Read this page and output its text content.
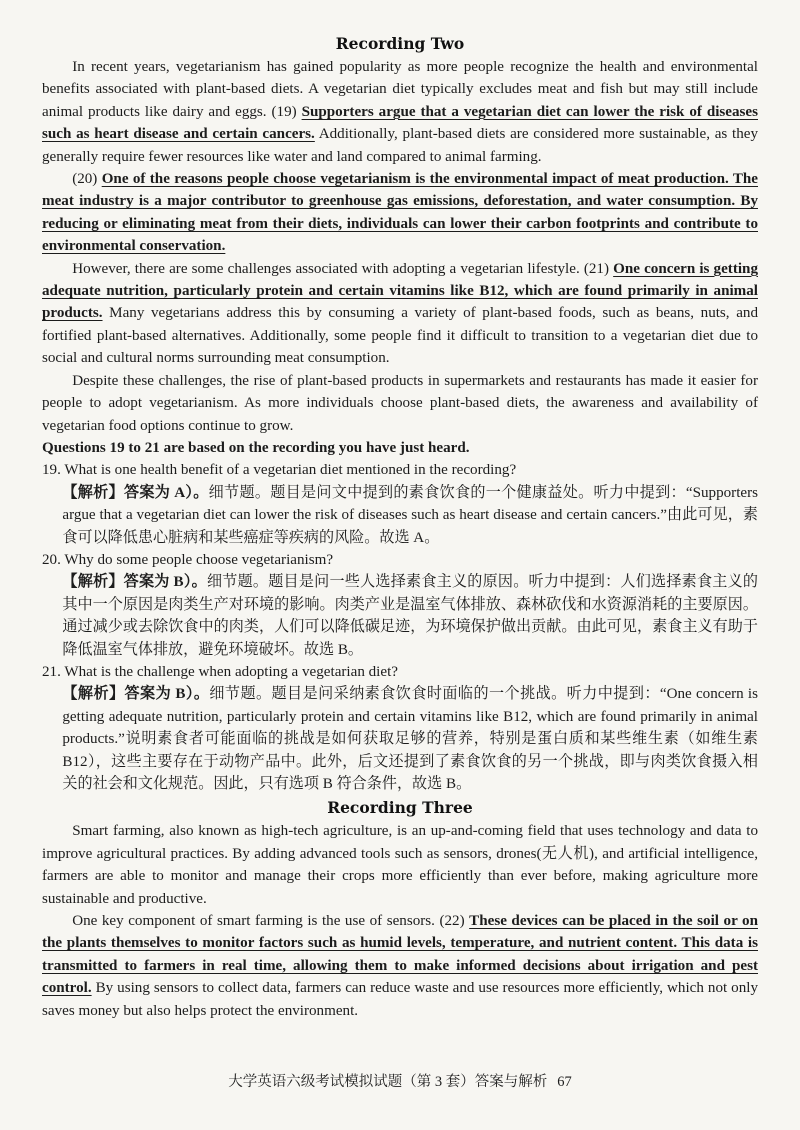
Recording Two

In recent years, vegetarianism has gained popularity as more people recognize the health and environmental benefits associated with plant-based diets. A vegetarian diet typically excludes meat and fish but may still include animal products like dairy and eggs. (19) Supporters argue that a vegetarian diet can lower the risk of diseases such as heart disease and certain cancers. Additionally, plant-based diets are considered more sustainable, as they generally require fewer resources like water and land compared to animal farming.

(20) One of the reasons people choose vegetarianism is the environmental impact of meat production. The meat industry is a major contributor to greenhouse gas emissions, deforestation, and water consumption. By reducing or eliminating meat from their diets, individuals can lower their carbon footprints and contribute to environmental conservation.

However, there are some challenges associated with adopting a vegetarian lifestyle. (21) One concern is getting adequate nutrition, particularly protein and certain vitamins like B12, which are found primarily in animal products. Many vegetarians address this by consuming a variety of plant-based foods, such as beans, nuts, and fortified plant-based alternatives. Additionally, some people find it difficult to transition to a vegetarian diet due to social and cultural norms surrounding meat consumption.

Despite these challenges, the rise of plant-based products in supermarkets and restaurants has made it easier for people to adopt vegetarianism. As more individuals choose plant-based diets, the awareness and availability of vegetarian food options continue to grow.

Questions 19 to 21 are based on the recording you have just heard.

19. What is one health benefit of a vegetarian diet mentioned in the recording?

【解析】答案为 A）。细节题。题目是问文中提到的素食饮食的一个健康益处。听力中提到：“Supporters argue that a vegetarian diet can lower the risk of diseases such as heart disease and certain cancers.”由此可见，素食可以降低患心脏病和某些癌症等疾病的风险。故选 A。

20. Why do some people choose vegetarianism?

【解析】答案为 B）。细节题。题目是问一些人选择素食主义的原因。听力中提到：人们选择素食主义的其中一个原因是肉类生产对环境的影响。肉类产业是温室气体排放、森林砍伐和水资源消耗的主要原因。通过减少或去除饮食中的肉类，人们可以降低碳足迹，为环境保护做出贡献。由此可见，素食主义有助于降低温室气体排放，避免环境破坏。故选 B。

21. What is the challenge when adopting a vegetarian diet?

【解析】答案为 B）。细节题。题目是问采纳素食饮食时面临的一个挑战。听力中提到：“One concern is getting adequate nutrition, particularly protein and certain vitamins like B12, which are found primarily in animal products.”说明素食者可能面临的挑战是如何获取足够的营养，特别是蛋白质和某些维生素（如维生素 B12），这些主要存在于动物产品中。此外，后文还提到了素食饮食的另一个挑战，即与肉类饮食摄入相关的社会和文化规范。因此，只有选项 B 符合条件，故选 B。

Recording Three

Smart farming, also known as high-tech agriculture, is an up-and-coming field that uses technology and data to improve agricultural practices. By adding advanced tools such as sensors, drones(无人机), and artificial intelligence, farmers are able to monitor and manage their crops more efficiently than ever before, making agriculture more sustainable and productive.

One key component of smart farming is the use of sensors. (22) These devices can be placed in the soil or on the plants themselves to monitor factors such as humid levels, temperature, and nutrient content. This data is transmitted to farmers in real time, allowing them to make informed decisions about irrigation and pest control. By using sensors to collect data, farmers can reduce waste and use resources more efficiently, which not only saves money but also helps protect the environment.

大学英语六级考试模拟试题（第 3 套）答案与解析 67
